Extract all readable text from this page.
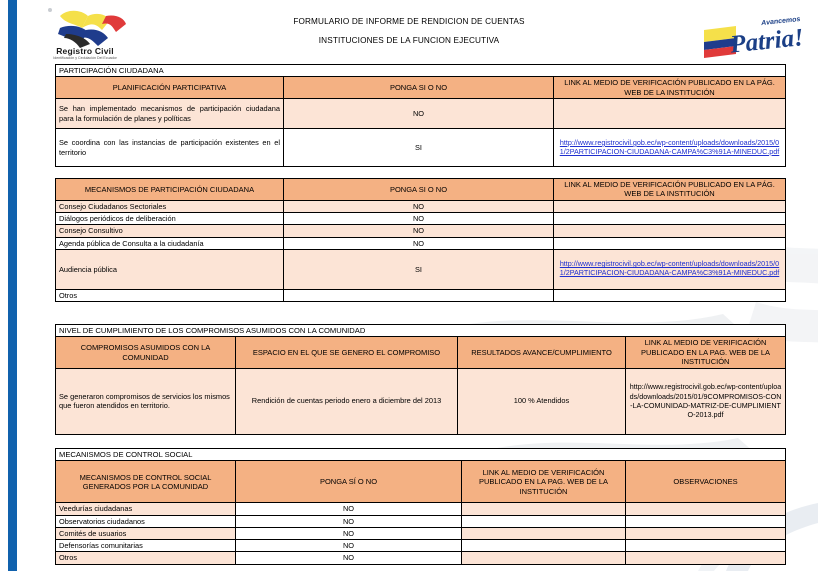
Registro Civil
Identificación y Cedulación Del Ecuador
FORMULARIO DE INFORME DE RENDICION DE CUENTAS
INSTITUCIONES DE LA FUNCION EJECUTIVA
Avancemos
Patria!
PARTICIPACIÓN CIUDADANA		
PLANIFICACIÓN PARTICIPATIVA	PONGA SI O NO	LINK AL MEDIO DE VERIFICACIÓN PUBLICADO EN LA PÁG. WEB DE LA INSTITUCIÓN
Se han implementado mecanismos de participación ciudadana para la formulación de planes y políticas	NO	
Se coordina con las instancias de participación existentes en el territorio	SI	http://www.registrocivil.gob.ec/wp-content/uploads/downloads/2015/01/2PARTICIPACION-CIUDADANA-CAMPA%C3%91A-MINEDUC.pdf
MECANISMOS DE PARTICIPACIÓN CIUDADANA	PONGA SI O NO	LINK AL MEDIO DE VERIFICACIÓN PUBLICADO EN LA PÁG. WEB DE LA INSTITUCIÓN
Consejo Ciudadanos Sectoriales	NO	
Diálogos periódicos de deliberación	NO	
Consejo Consultivo	NO	
Agenda pública de Consulta a la ciudadanía	NO	
Audiencia pública	SI	http://www.registrocivil.gob.ec/wp-content/uploads/downloads/2015/01/2PARTICIPACION-CIUDADANA-CAMPA%C3%91A-MINEDUC.pdf

Otros		
NIVEL DE CUMPLIMIENTO DE LOS COMPROMISOS ASUMIDOS CON LA COMUNIDAD			
COMPROMISOS ASUMIDOS CON LA COMUNIDAD	ESPACIO EN EL QUE SE GENERO EL COMPROMISO	RESULTADOS AVANCE/CUMPLIMIENTO	LINK AL MEDIO DE VERIFICACIÓN PUBLICADO EN LA PAG. WEB DE LA INSTITUCIÓN
Se generaron compromisos de servicios los mismos que fueron atendidos en territorio.	Rendición de cuentas periodo enero a diciembre del 2013	100 % Atendidos	http://www.registrocivil.gob.ec/wp-content/uploads/downloads/2015/01/9COMPROMISOS-CON-LA-COMUNIDAD-MATRIZ-DE-CUMPLIMIENTO-2013.pdf
MECANISMOS DE CONTROL SOCIAL			
MECANISMOS DE CONTROL SOCIAL GENERADOS POR LA COMUNIDAD	PONGA SÍ O NO	LINK AL MEDIO DE VERIFICACIÓN PUBLICADO EN LA PAG. WEB DE LA INSTITUCIÓN	OBSERVACIONES
Veedurías ciudadanas	NO		
Observatorios ciudadanos	NO		
Comités de usuarios	NO		
Defensorías comunitarias	NO		
Otros	NO		
